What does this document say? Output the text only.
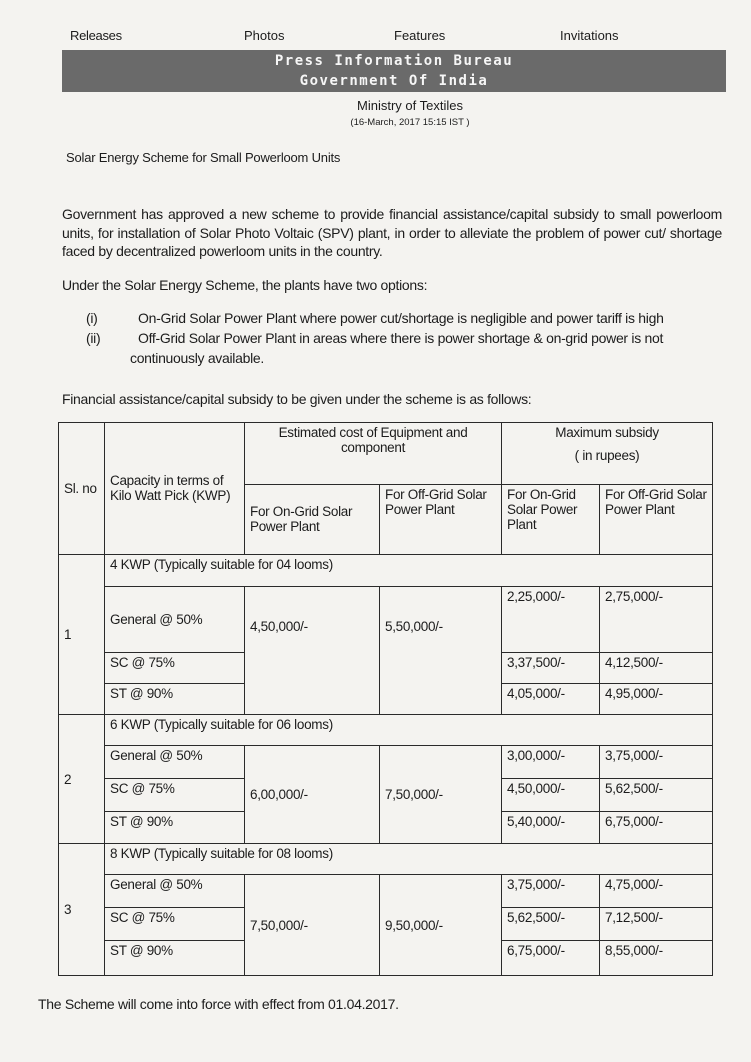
Releases	Photos	Features	Invitations
Press Information Bureau
Government Of India
Ministry of Textiles
(16-March, 2017 15:15 IST )
Solar Energy Scheme for Small Powerloom Units
Government has approved a new scheme to provide financial assistance/capital subsidy to small powerloom units, for installation of Solar Photo Voltaic (SPV) plant, in order to alleviate the problem of power cut/ shortage faced by decentralized powerloom units in the country.
Under the Solar Energy Scheme, the plants have two options:
(i)	On-Grid Solar Power Plant where power cut/shortage is negligible and power tariff is high
(ii)	Off-Grid Solar Power Plant in areas where there is power shortage & on-grid power is not
continuously available.
Financial assistance/capital subsidy to be given under the scheme is as follows:
Sl. no	Capacity in terms of Kilo Watt Pick (KWP)	Estimated cost of Equipment and component		Maximum subsidy
( in rupees)	

		For On-Grid Solar Power Plant	For Off-Grid Solar Power Plant	For On-Grid Solar Power Plant	For Off-Grid Solar Power Plant
1	4 KWP (Typically suitable for 04 looms)				
	General @ 50%	4,50,000/-	5,50,000/-	2,25,000/-	2,75,000/-
	SC @ 75%			3,37,500/-	4,12,500/-
	ST @ 90%			4,05,000/-	4,95,000/-
2	6 KWP (Typically suitable for 06 looms)				
	General @ 50%	6,00,000/-	7,50,000/-	3,00,000/-	3,75,000/-
	SC @ 75%			4,50,000/-	5,62,500/-
	ST @ 90%			5,40,000/-	6,75,000/-
3	8 KWP (Typically suitable for 08 looms)				
	General @ 50%	7,50,000/-	9,50,000/-	3,75,000/-	4,75,000/-
	SC @ 75%			5,62,500/-	7,12,500/-
	ST @ 90%			6,75,000/-	8,55,000/-
The Scheme will come into force with effect from 01.04.2017.
